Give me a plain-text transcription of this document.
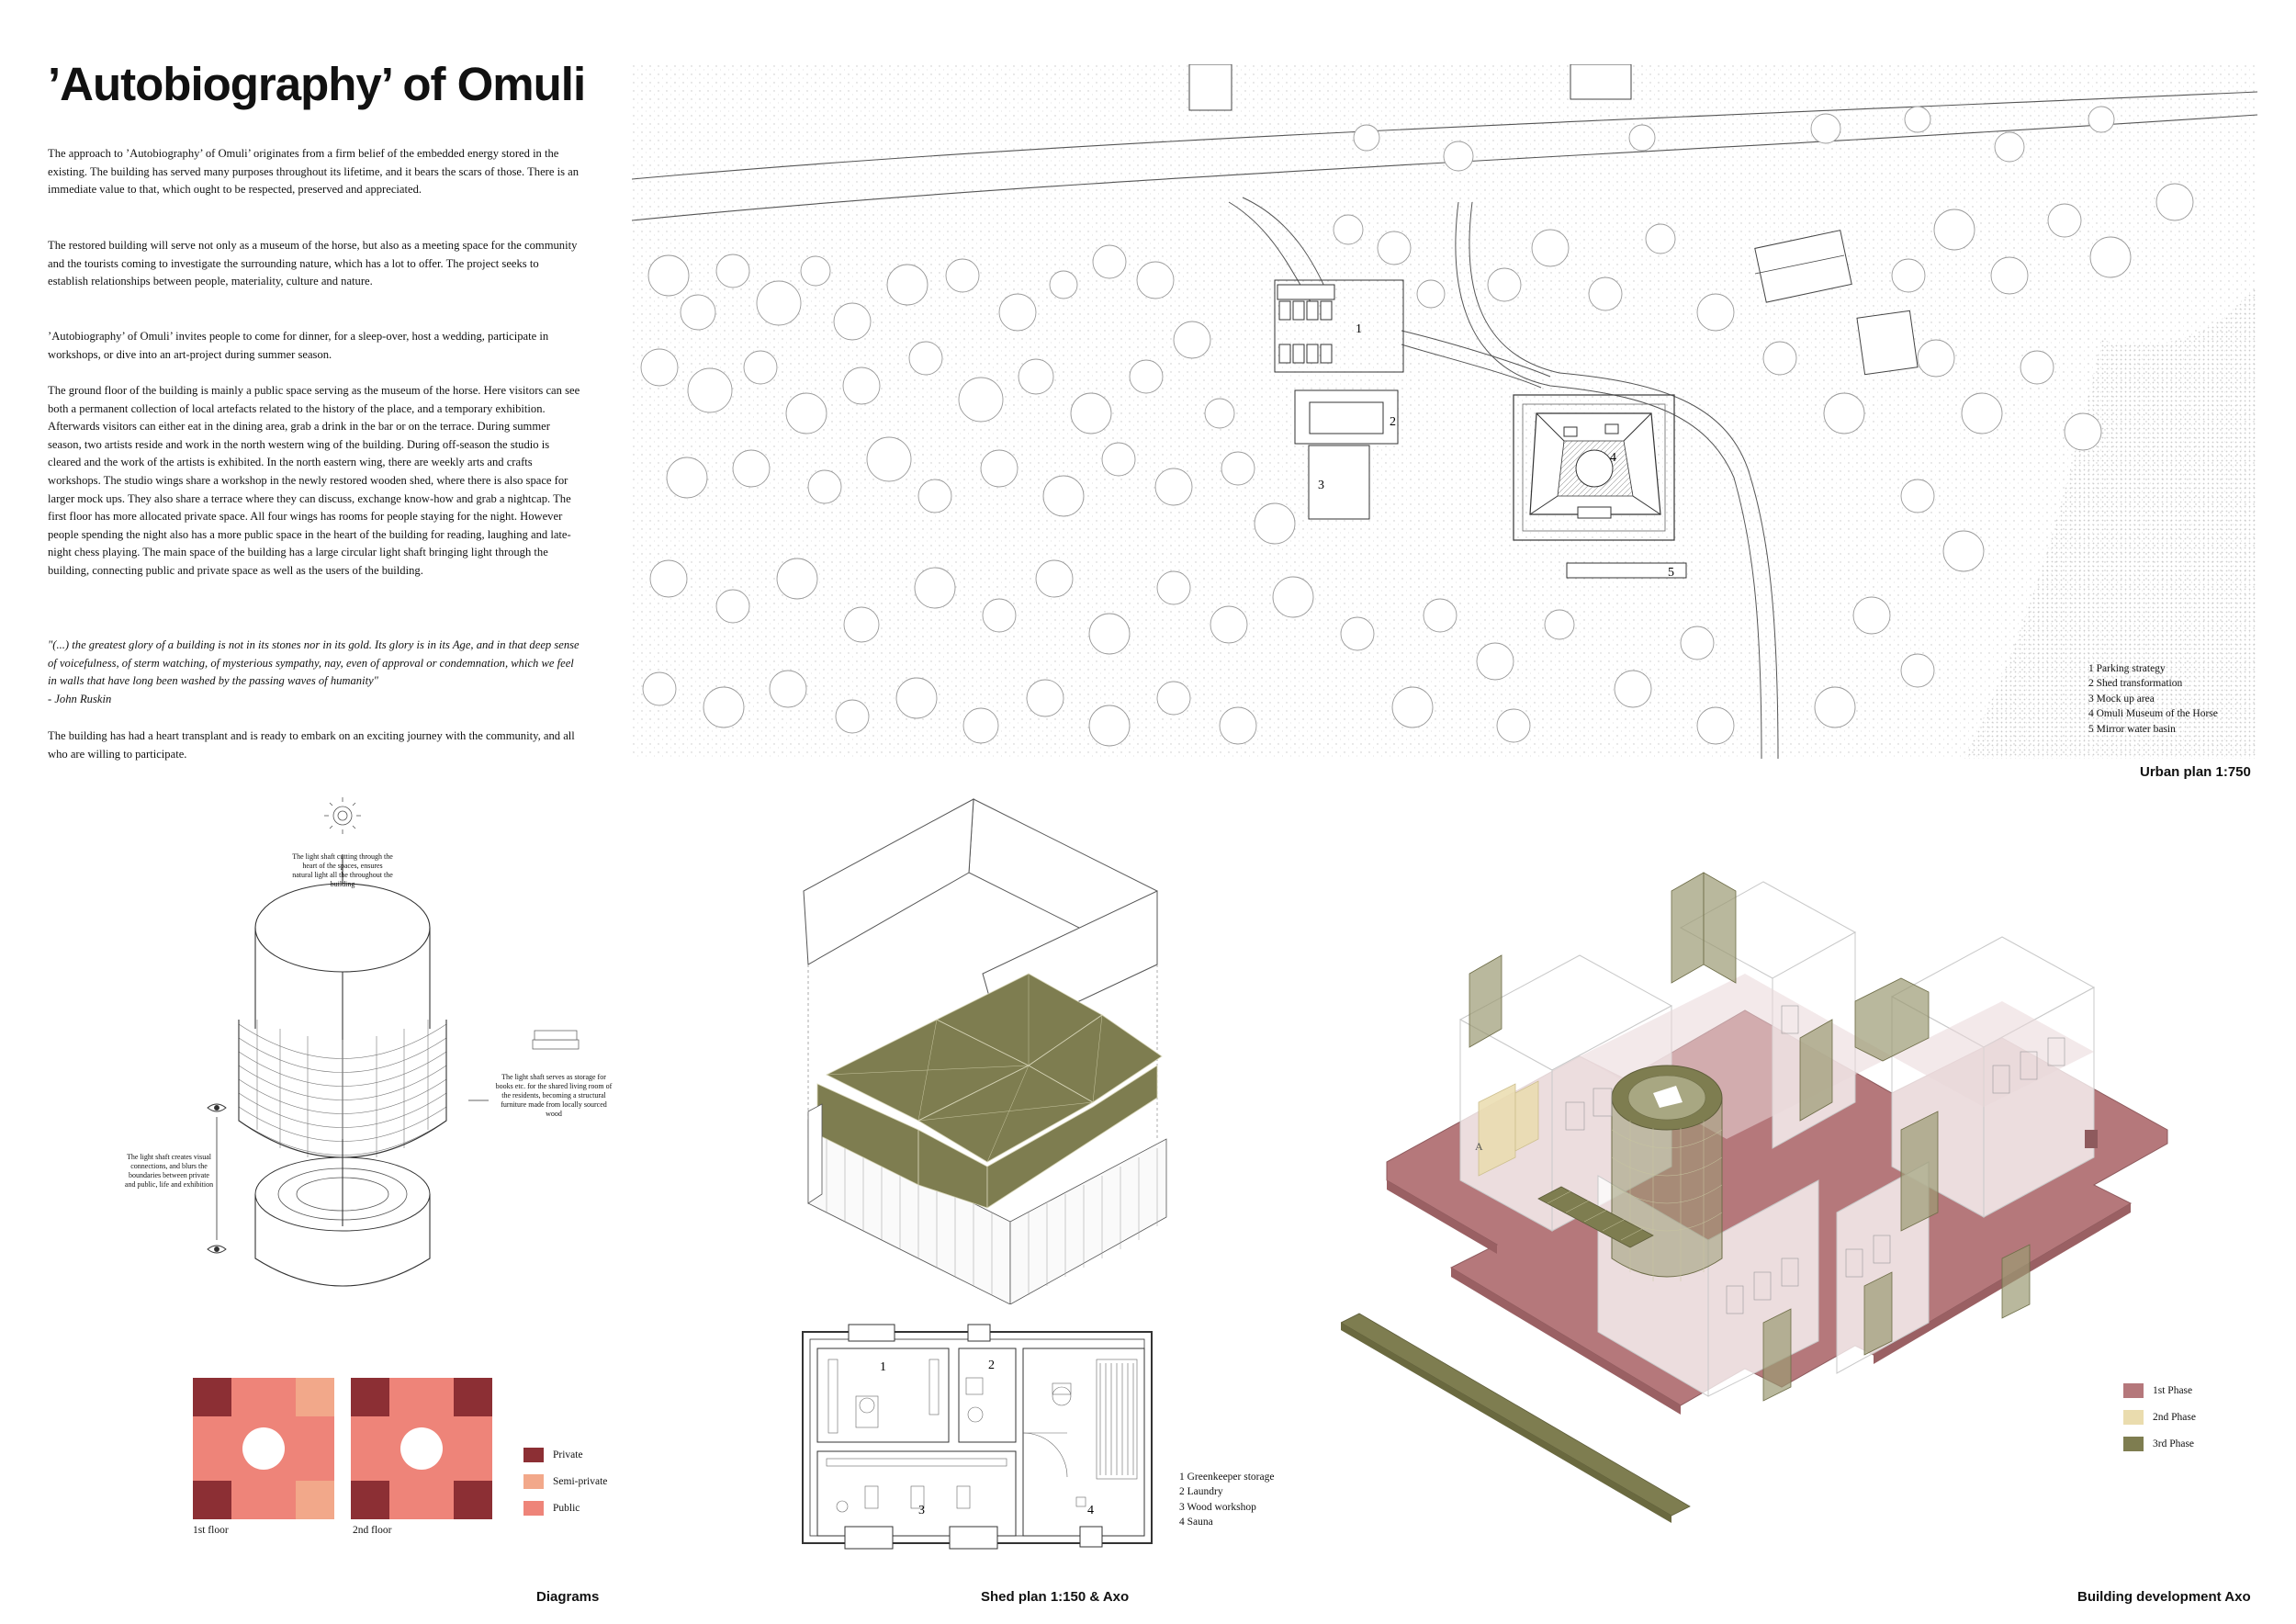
’Autobiography’ of Omuli

The approach to ’Autobiography’ of Omuli’ originates from a firm belief of the embedded energy stored in the existing. The building has served many purposes throughout its lifetime, and it bears the scars of those. There is an immediate value to that, which ought to be respected, preserved and appreciated.

The restored building will serve not only as a museum of the horse, but also as a meeting space for the community and the tourists coming to investigate the surrounding nature, which has a lot to offer. The project seeks to establish relationships between people, materiality, culture and nature.

’Autobiography’ of Omuli’ invites people to come for dinner, for a sleep-over, host a wedding, participate in workshops, or dive into an art-project during summer season.

The ground floor of the building is mainly a public space serving as the museum of the horse. Here visitors can see both a permanent collection of local artefacts related to the history of the place, and a temporary exhibition. Afterwards visitors can either eat in the dining area, grab a drink in the bar or on the terrace. During summer season, two artists reside and work in the north western wing of the building. During off-season the studio is cleared and the work of the artists is exhibited. In the north eastern wing, there are weekly arts and crafts workshops. The studio wings share a workshop in the newly restored wooden shed, where there is also space for larger mock ups. They also share a terrace where they can discuss, exchange know-how and grab a nightcap. The first floor has more allocated private space. All four wings has rooms for people staying for the night. However people spending the night also has a more public space in the heart of the building for reading, laughing and late-night chess playing. The main space of the building has a large circular light shaft bringing light through the building, connecting public and private space as well as the users of the building.

"(...) the greatest glory of a building is not in its stones nor in its gold. Its glory is in its Age, and in that deep sense of voicefulness, of sterm watching, of mysterious sympathy, nay, even of approval or condemnation, which we feel in walls that have long been washed by the passing waves of humanity"

- John Ruskin

The building has had a heart transplant and is ready to embark on an exciting journey with the community, and all who are willing to participate.

1
2
3
4
5
1 Parking strategy
2 Shed transformation
3 Mock up area
4 Omuli Museum of the Horse
5 Mirror water basin
Urban plan 1:750
The light shaft cutting through the heart of the spaces, ensures natural light all the throughout the building
The light shaft serves as storage for books etc. for the shared living room of the residents, becoming a structural furniture made from locally sourced wood
The light shaft creates visual connections, and blurs the boundaries between private and public, life and exhibition
1st floor	2nd floor
Private
Semi-private
Public
Diagrams
1	2
3	4
1 Greenkeeper storage
2 Laundry
3 Wood workshop
4 Sauna
Shed plan 1:150 & Axo
A
1st Phase
2nd Phase
3rd Phase
Building development Axo
